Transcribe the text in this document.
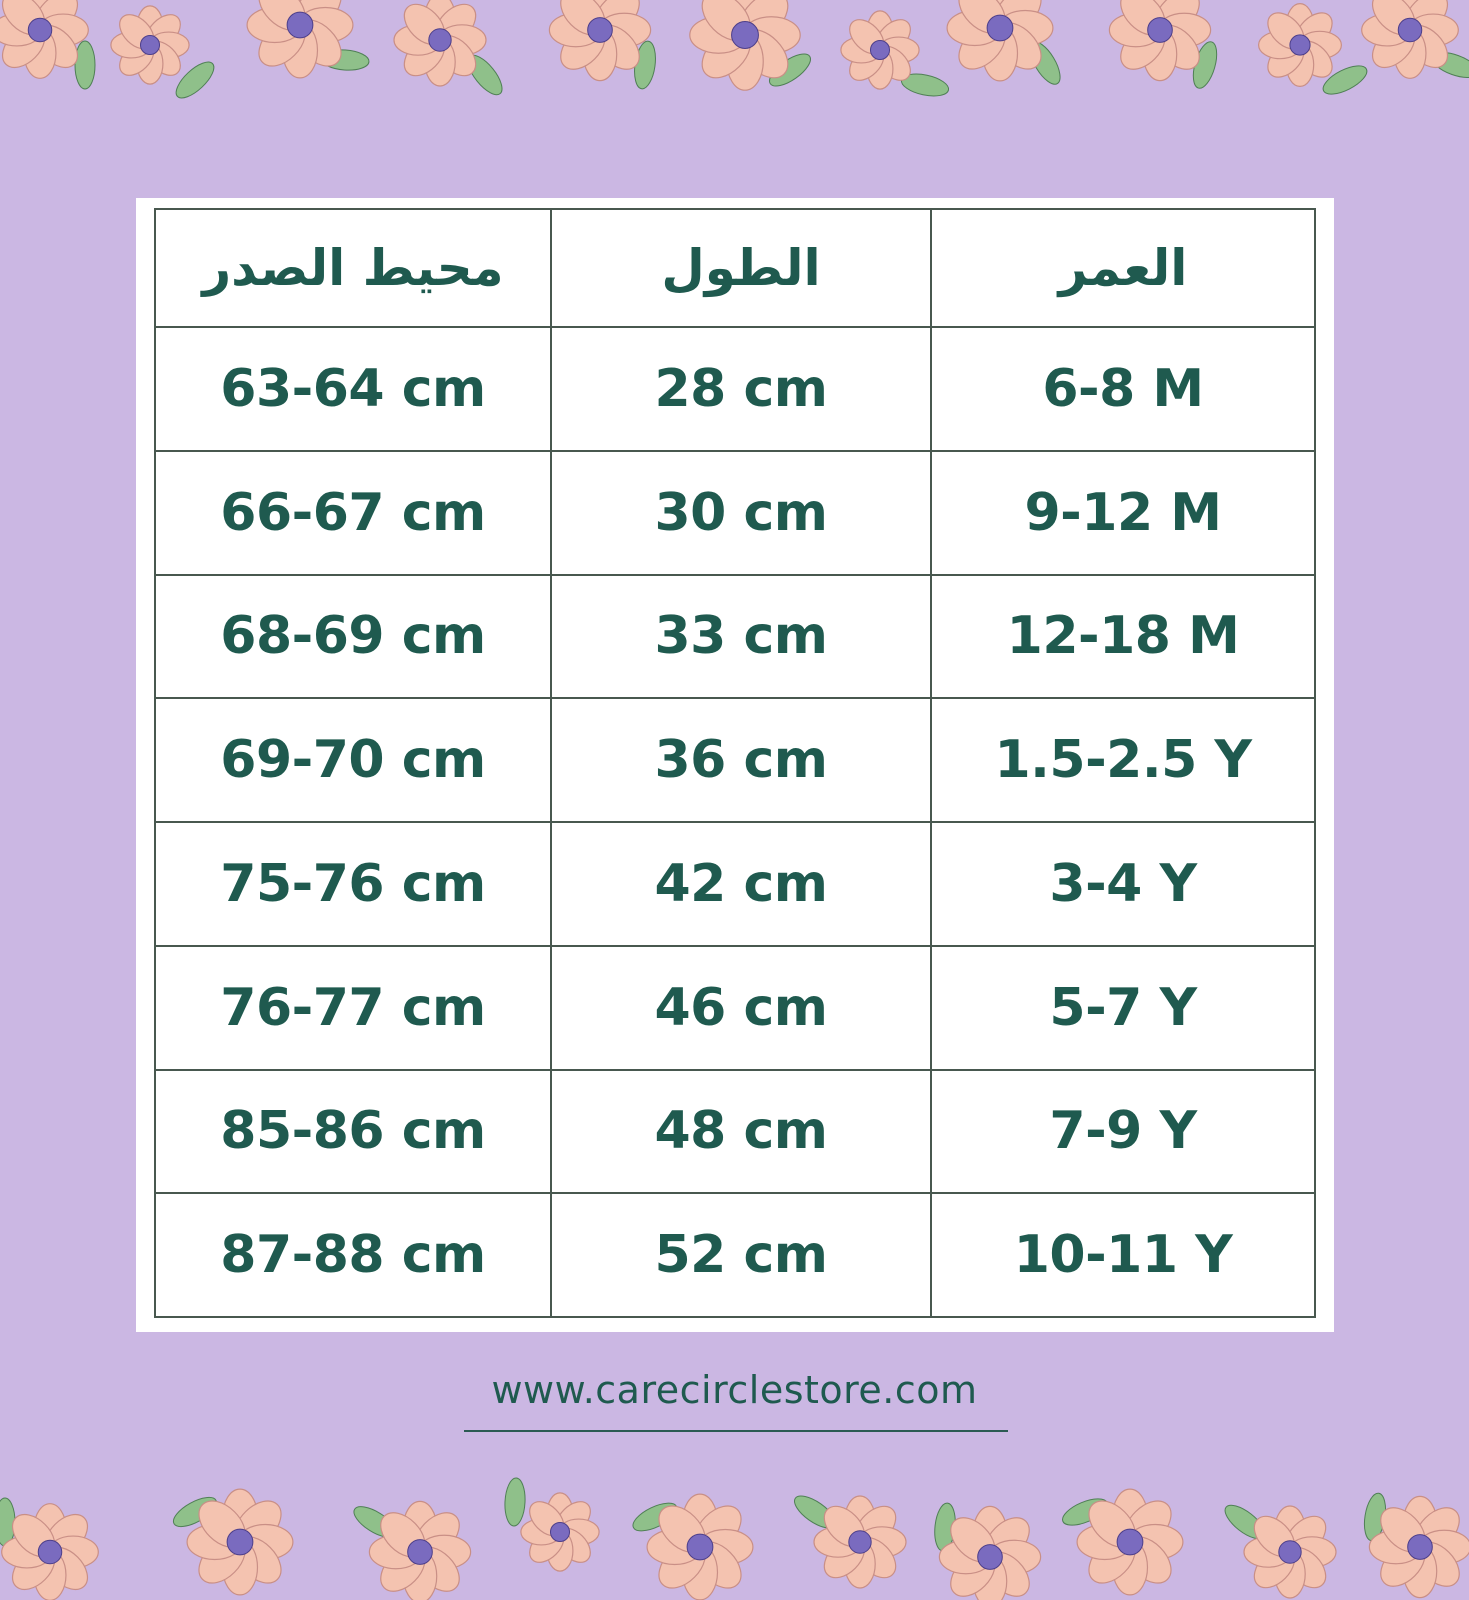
محيط الصدر	الطول	العمر
63-64 cm	28 cm	6-8 M
66-67 cm	30 cm	9-12 M
68-69 cm	33 cm	12-18 M
69-70 cm	36 cm	1.5-2.5 Y
75-76 cm	42 cm	3-4 Y
76-77 cm	46 cm	5-7 Y
85-86 cm	48 cm	7-9 Y
87-88 cm	52 cm	10-11 Y
www.carecirclestore.com
